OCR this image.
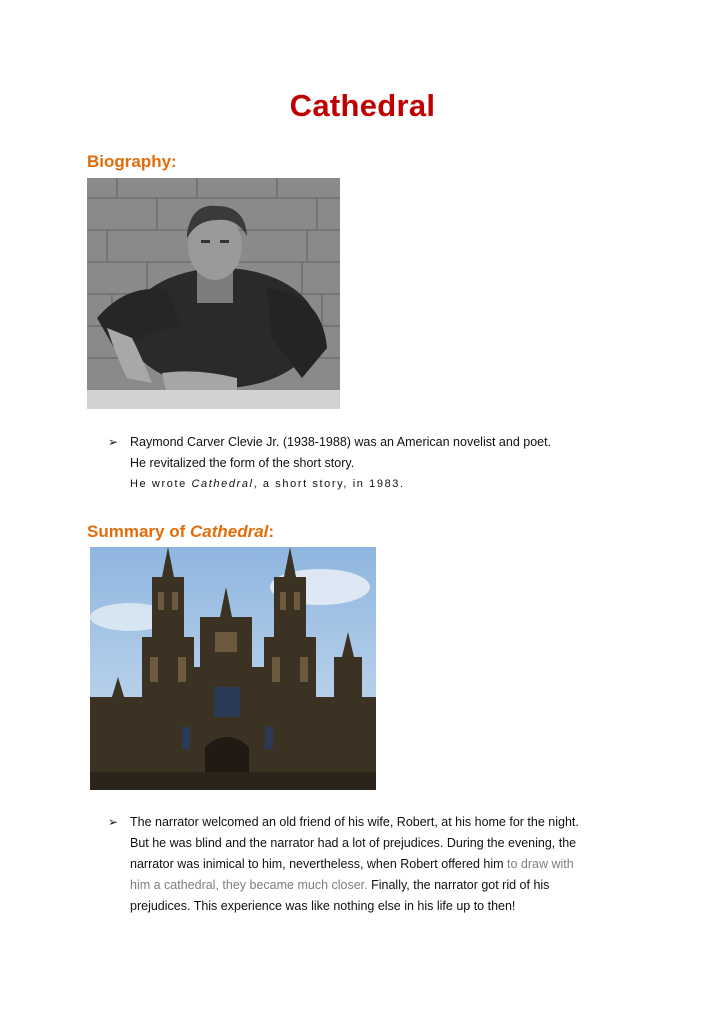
Cathedral
Biography:
➢ Raymond Carver Clevie Jr. (1938-1988) was an American novelist and poet.
He revitalized the form of the short story.
He wrote Cathedral, a short story, in 1983.
Summary of Cathedral:
➢ The narrator welcomed an old friend of his wife, Robert, at his home for the night.
But he was blind and the narrator had a lot of prejudices. During the evening, the
narrator was inimical to him, nevertheless, when Robert offered him to draw with
him a cathedral, they became much closer. Finally, the narrator got rid of his
prejudices. This experience was like nothing else in his life up to then!
